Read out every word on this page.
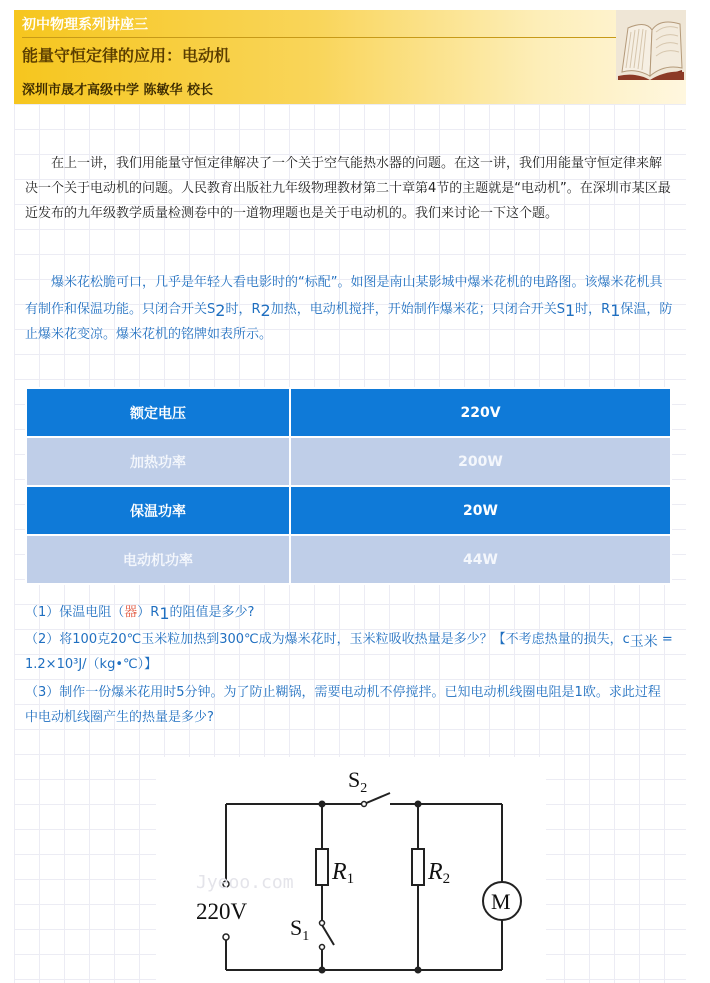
初中物理系列讲座三
能量守恒定律的应用：电动机
深圳市晟才高级中学 陈敏华 校长
在上一讲，我们用能量守恒定律解决了一个关于空气能热水器的问题。在这一讲，我们用能量守恒定律来解决一个关于电动机的问题。人民教育出版社九年级物理教材第二十章第4节的主题就是“电动机”。在深圳市某区最近发布的九年级教学质量检测卷中的一道物理题也是关于电动机的。我们来讨论一下这个题。
爆米花松脆可口，几乎是年轻人看电影时的“标配”。如图是南山某影城中爆米花机的电路图。该爆米花机具有制作和保温功能。只闭合开关S2时，R2加热，电动机搅拌，开始制作爆米花；只闭合开关S1时，R1保温，防止爆米花变凉。爆米花机的铭牌如表所示。
额定电压	220V
加热功率	200W
保温功率	20W
电动机功率	44W
（1）保温电阻（器）R1的阻值是多少?
（2）将100克20℃玉米粒加热到300℃成为爆米花时，玉米粒吸收热量是多少？【不考虑热量的损失，c玉米 = 1.2×10³J/（kg•℃）】
（3）制作一份爆米花用时5分钟。为了防止糊锅，需要电动机不停搅拌。已知电动机线圈电阻是1欧。求此过程中电动机线圈产生的热量是多少?
$S_2$
R1	R2
$S_1$
220V	M
Jyeoo.com
